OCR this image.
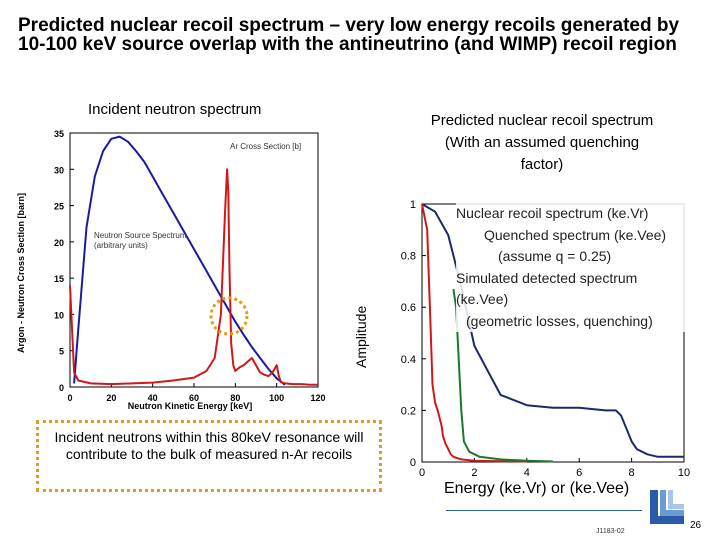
Predicted nuclear recoil spectrum – very low energy recoils generated by 10-100 keV source overlap with the antineutrino (and WIMP) recoil region
Incident neutron spectrum
Predicted nuclear recoil spectrum
(With an assumed quenching factor)
0	20	40	60	80	100	120
0
5
10
15
20
25
30
35
Ar Cross Section [b]
Neutron Source Spectrum
(arbitrary units)
Neutron Kinetic Energy [keV]
Argon - Neutron Cross Section [barn]	Amplitude
0	2	4	6	8	10
0
0.2
0.4
0.6
0.8
1	Nuclear recoil spectrum (ke.Vr)
Quenched spectrum (ke.Vee)
(assume q = 0.25)
Simulated detected spectrum
(ke.Vee)
(geometric losses, quenching)
Energy (ke.Vr) or (ke.Vee)
Incident neutrons within this 80keV resonance will contribute to the bulk of measured n-Ar recoils
J1183-02
26
